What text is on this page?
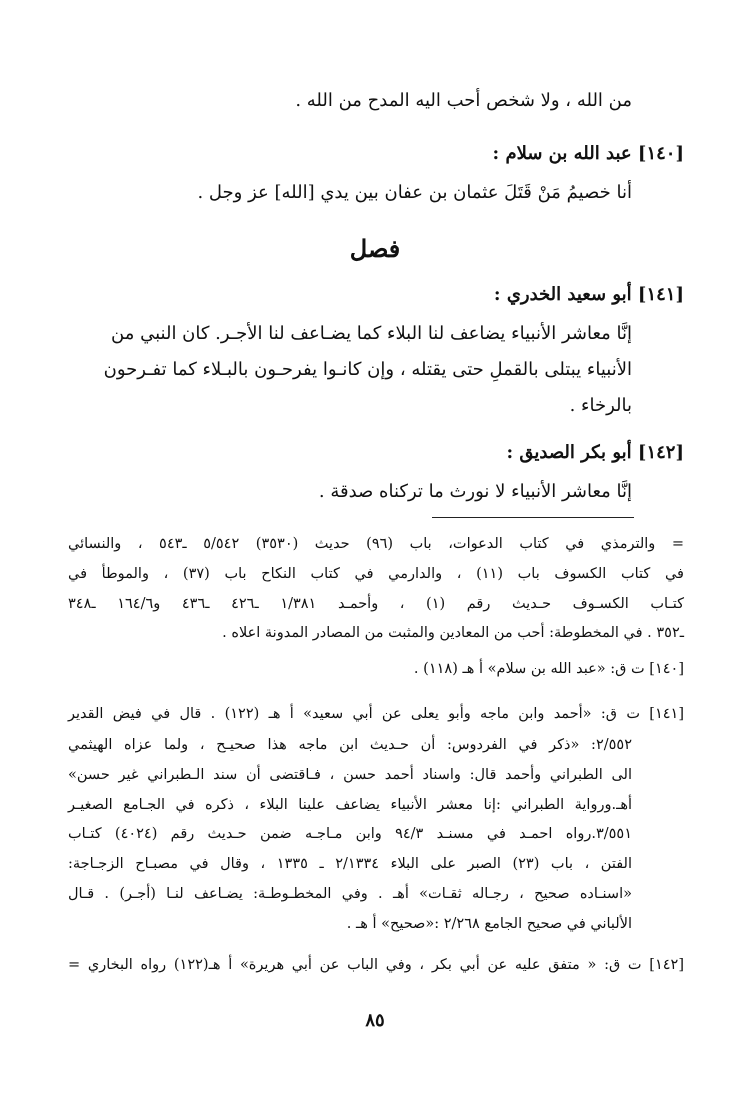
من الله ، ولا شخص أحب اليه المدح من الله .
[١٤٠] عبد الله بن سلام :
أنا خصيمُ مَنْ قَتَلَ عثمان بن عفان بين يدي [الله] عز وجل .
فصل
[١٤١] أبو سعيد الخدري :
إنَّا معاشر الأنبياء يضاعف لنا البلاء كما يضـاعف لنا الأجـر. كان النبي من
الأنبياء يبتلى بالقملِ حتى يقتله ، وإن كانـوا يفرحـون بالبـلاء كما تفـرحون
بالرخاء .
[١٤٢] أبو بكر الصديق :
إنَّا معاشر الأنبياء لا نورث ما تركناه صدقة .
= والترمذي في كتاب الدعوات، باب (٩٦) حديث (٣٥٣٠) ٥/٥٤٢ ـ٥٤٣ ، والنسائي
في كتاب الكسوف باب (١١) ، والدارمي في كتاب النكاح باب (٣٧) ، والموطأ في
كتـاب الكسـوف حـديث رقم (١) ، وأحمـد ١/٣٨١ ـ٤٢٦ ـ٤٣٦ و١٦٤/٦ ـ٣٤٨
ـ٣٥٢ . في المخطوطة: أحب من المعادين والمثبت من المصادر المدونة اعلاه .
[١٤٠] ت ق: «عبد الله بن سلام» أ هـ (١١٨) .
[١٤١] ت ق: «أحمد وابن ماجه وأبو يعلى عن أبي سعيد» أ هـ (١٢٢) . قال في فيض القدير
٢/٥٥٢: «ذكر في الفردوس: أن حـديث ابن ماجه هذا صحيـح ، ولما عزاه الهيثمي
الى الطبراني وأحمد قال: واسناد أحمد حسن ، فـاقتضى أن سند الـطبراني غير حسن»
أهـ.ورواية الطبراني :إنا معشر الأنبياء يضاعف علينا البلاء ، ذكره في الجـامع الصغيـر
٣/٥٥١.رواه احمـد في مسنـد ٩٤/٣ وابن مـاجـه ضمن حـديث رقم (٤٠٢٤) كتـاب
الفتن ، باب (٢٣) الصبر على البلاء ٢/١٣٣٤ ـ ١٣٣٥ ، وقال في مصبـاح الزجـاجة:
«اسنـاده صحيح ، رجـاله ثقـات» أهـ . وفي المخطـوطـة: يضـاعف لنـا (أجـر) . قـال
الألباني في صحيح الجامع ٢/٢٦٨ :«صحيح» أ هـ .
[١٤٢] ت ق: « متفق عليه عن أبي بكر ، وفي الباب عن أبي هريرة» أ هـ(١٢٢) رواه البخاري =
٨٥
